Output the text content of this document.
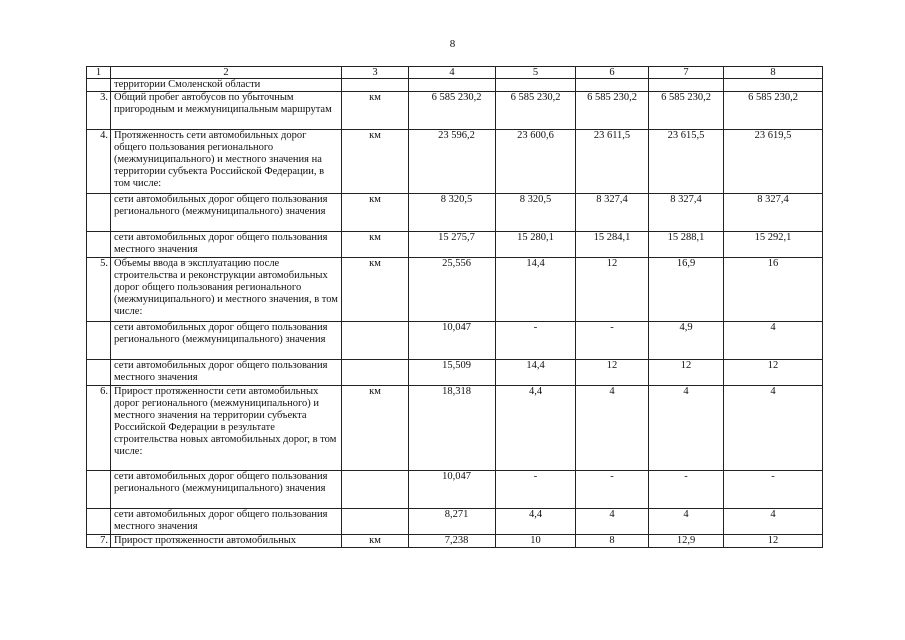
8
1	2	3	4	5	6	7	8
	территории Смоленской области						
3.	Общий пробег автобусов по убыточным пригородным и межмуниципальным маршрутам	км	6 585 230,2	6 585 230,2	6 585 230,2	6 585 230,2	6 585 230,2
4.	Протяженность сети автомобильных дорог общего пользования регионального (межмуниципального) и местного значения на территории субъекта Российской Федерации, в том числе:	км	23 596,2	23 600,6	23 611,5	23 615,5	23 619,5
	сети автомобильных дорог общего пользования регионального (межмуниципального) значения	км	8 320,5	8 320,5	8 327,4	8 327,4	8 327,4
	сети автомобильных дорог общего пользования местного значения	км	15 275,7	15 280,1	15 284,1	15 288,1	15 292,1
5.	Объемы ввода в эксплуатацию после строительства и реконструкции автомобильных дорог общего пользования регионального (межмуниципального) и местного значения, в том числе:	км	25,556	14,4	12	16,9	16
	сети автомобильных дорог общего пользования регионального (межмуниципального) значения		10,047	-	-	4,9	4
	сети автомобильных дорог общего пользования местного значения		15,509	14,4	12	12	12
6.	Прирост протяженности сети автомобильных дорог регионального (межмуниципального) и местного значения на территории субъекта Российской Федерации в результате строительства новых автомобильных дорог, в том числе:	км	18,318	4,4	4	4	4
	сети автомобильных дорог общего пользования регионального (межмуниципального) значения		10,047	-	-	-	-
	сети автомобильных дорог общего пользования местного значения		8,271	4,4	4	4	4
7.	Прирост протяженности автомобильных	км	7,238	10	8	12,9	12
